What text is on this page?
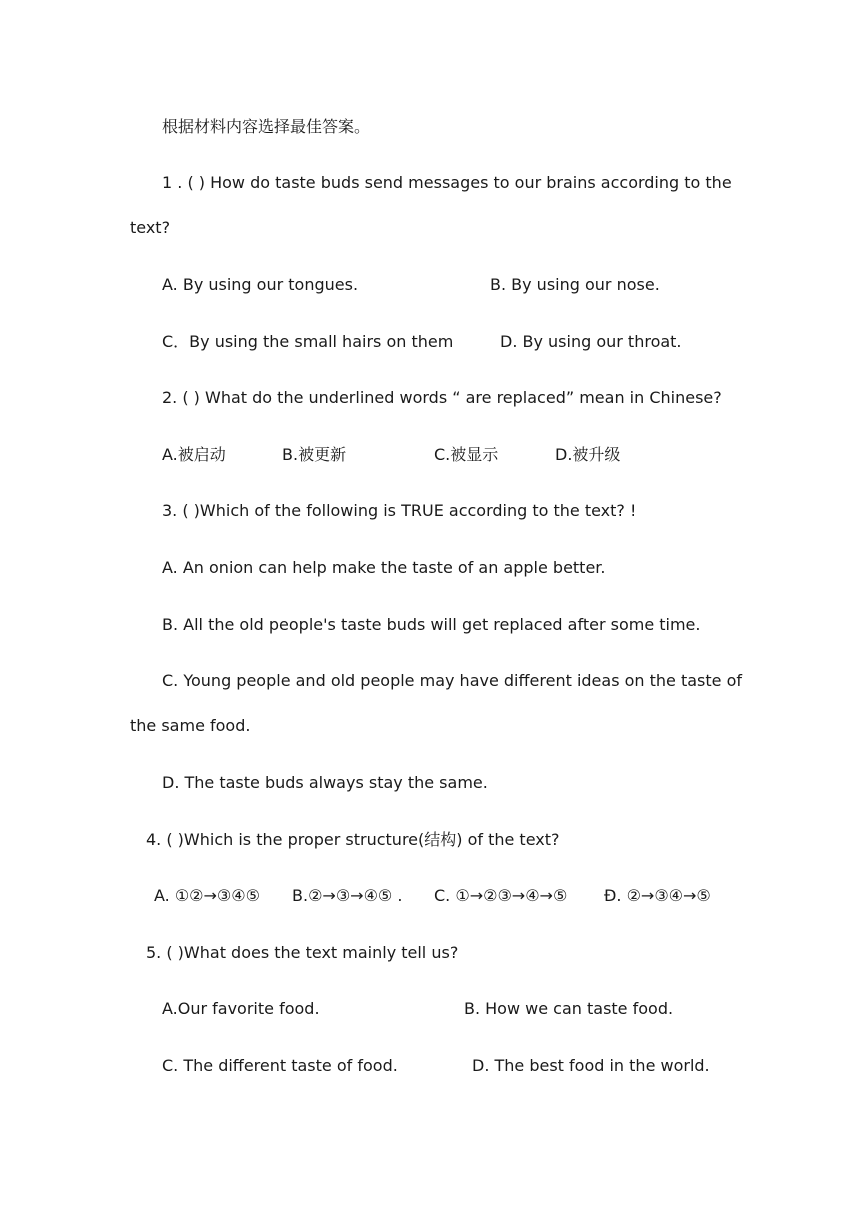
根据材料内容选择最佳答案。
1 . ( ) How do taste buds send messages to our brains according to the
text?
A. By using our tongues.	B. By using our nose.
C．By using the small hairs on them	D. By using our throat.
2. ( ) What do the underlined words “ are replaced” mean in Chinese?
A.被启动	B.被更新	C.被显示	D.被升级
3. ( )Which of the following is TRUE according to the text? !
A. An onion can help make the taste of an apple better.
B. All the old people's taste buds will get replaced after some time.
C. Young people and old people may have different ideas on the taste of
the same food.
D. The taste buds always stay the same.
4. ( )Which is the proper structure(结构) of the text?
A. ①②→③④⑤ B.②→③→④⑤ . C. ①→②③→④→⑤ Đ. ②→③④→⑤
5. ( )What does the text mainly tell us?
A.Our favorite food.	B. How we can taste food.
C. The different taste of food.	D. The best food in the world.
